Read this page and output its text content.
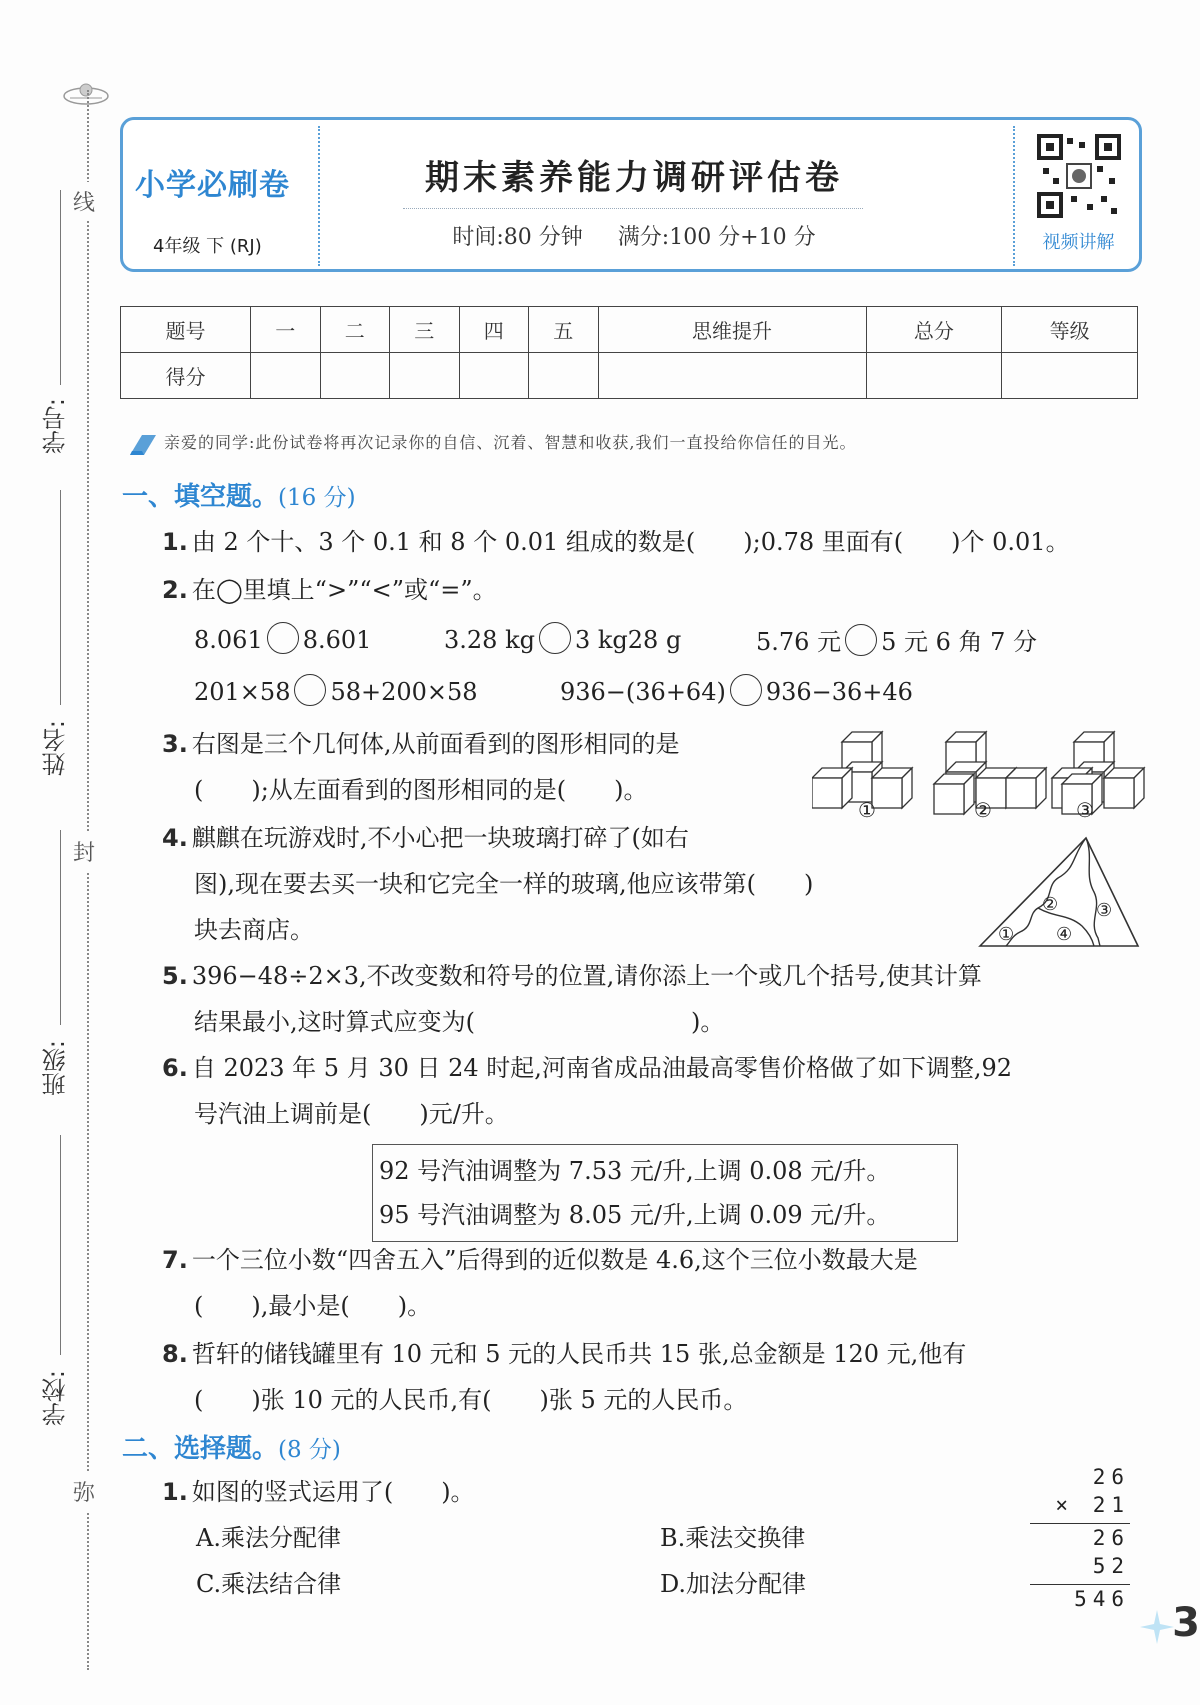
线
封
弥
学号:
姓名:
班级:
学校:
小学必刷卷
4年级 下 (RJ)
期末素养能力调研评估卷
时间:80 分钟 满分:100 分+10 分	视频讲解
题号	一	二	三	四	五	思维提升	总分	等级
得分								
亲爱的同学:此份试卷将再次记录你的自信、沉着、智慧和收获,我们一直投给你信任的目光。
一、填空题。(16 分)
1. 由 2 个十、3 个 0.1 和 8 个 0.01 组成的数是(　　);0.78 里面有(　　)个 0.01。
2. 在◯里填上“>”“<”或“=”。
8.061 8.601	3.28 kg 3 kg28 g	5.76 元 5 元 6 角 7 分
201×58 58+200×58	936−(36+64) 936−36+46
3. 右图是三个几何体,从前面看到的图形相同的是
(　　);从左面看到的图形相同的是(　　)。
①	②	③
4. 麒麒在玩游戏时,不小心把一块玻璃打碎了(如右
图),现在要去买一块和它完全一样的玻璃,他应该带第(　　)
块去商店。	①
② ③
④
5. 396−48÷2×3,不改变数和符号的位置,请你添上一个或几个括号,使其计算
结果最小,这时算式应变为(　　　　　　　　　)。
6. 自 2023 年 5 月 30 日 24 时起,河南省成品油最高零售价格做了如下调整,92
号汽油上调前是(　　)元/升。
92 号汽油调整为 7.53 元/升,上调 0.08 元/升。
95 号汽油调整为 8.05 元/升,上调 0.09 元/升。
7. 一个三位小数“四舍五入”后得到的近似数是 4.6,这个三位小数最大是
(　　),最小是(　　)。
8. 哲轩的储钱罐里有 10 元和 5 元的人民币共 15 张,总金额是 120 元,他有
(　　)张 10 元的人民币,有(　　)张 5 元的人民币。
二、选择题。(8 分)
1. 如图的竖式运用了(　　)。
A.乘法分配律	B.乘法交换律
C.乘法结合律	D.加法分配律
26
× 21
26
52
546
3
